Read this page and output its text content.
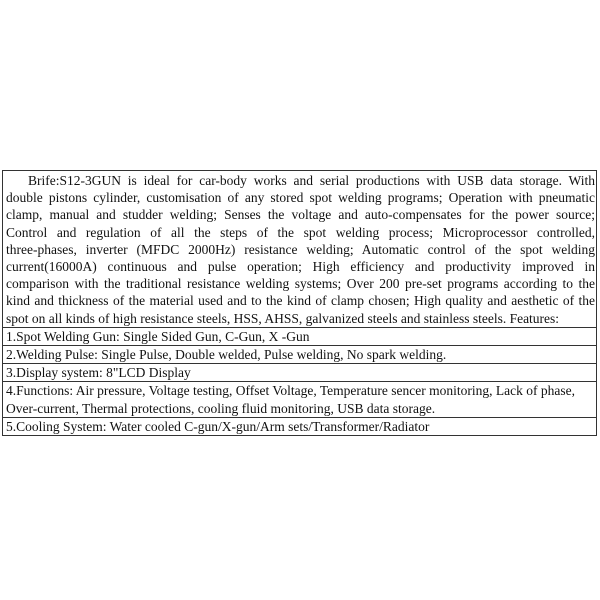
Brife:S12-3GUN is ideal for car-body works and serial productions with USB data storage. With
double pistons cylinder, customisation of any stored spot welding programs; Operation with pneumatic
clamp, manual and studder welding; Senses the voltage and auto-compensates for the power source;
Control and regulation of all the steps of the spot welding process; Microprocessor controlled,
three-phases, inverter (MFDC 2000Hz) resistance welding; Automatic control of the spot welding
current(16000A) continuous and pulse operation; High efficiency and productivity improved in
comparison with the traditional resistance welding systems; Over 200 pre-set programs according to the
kind and thickness of the material used and to the kind of clamp chosen; High quality and aesthetic of the
spot on all kinds of high resistance steels, HSS, AHSS, galvanized steels and stainless steels. Features:
1.Spot Welding Gun: Single Sided Gun, C-Gun, X -Gun
2.Welding Pulse: Single Pulse, Double welded, Pulse welding, No spark welding.
3.Display system: 8"LCD Display
4.Functions: Air pressure, Voltage testing, Offset Voltage, Temperature sencer monitoring, Lack of phase,
Over-current, Thermal protections, cooling fluid monitoring, USB data storage.
5.Cooling System: Water cooled C-gun/X-gun/Arm sets/Transformer/Radiator
